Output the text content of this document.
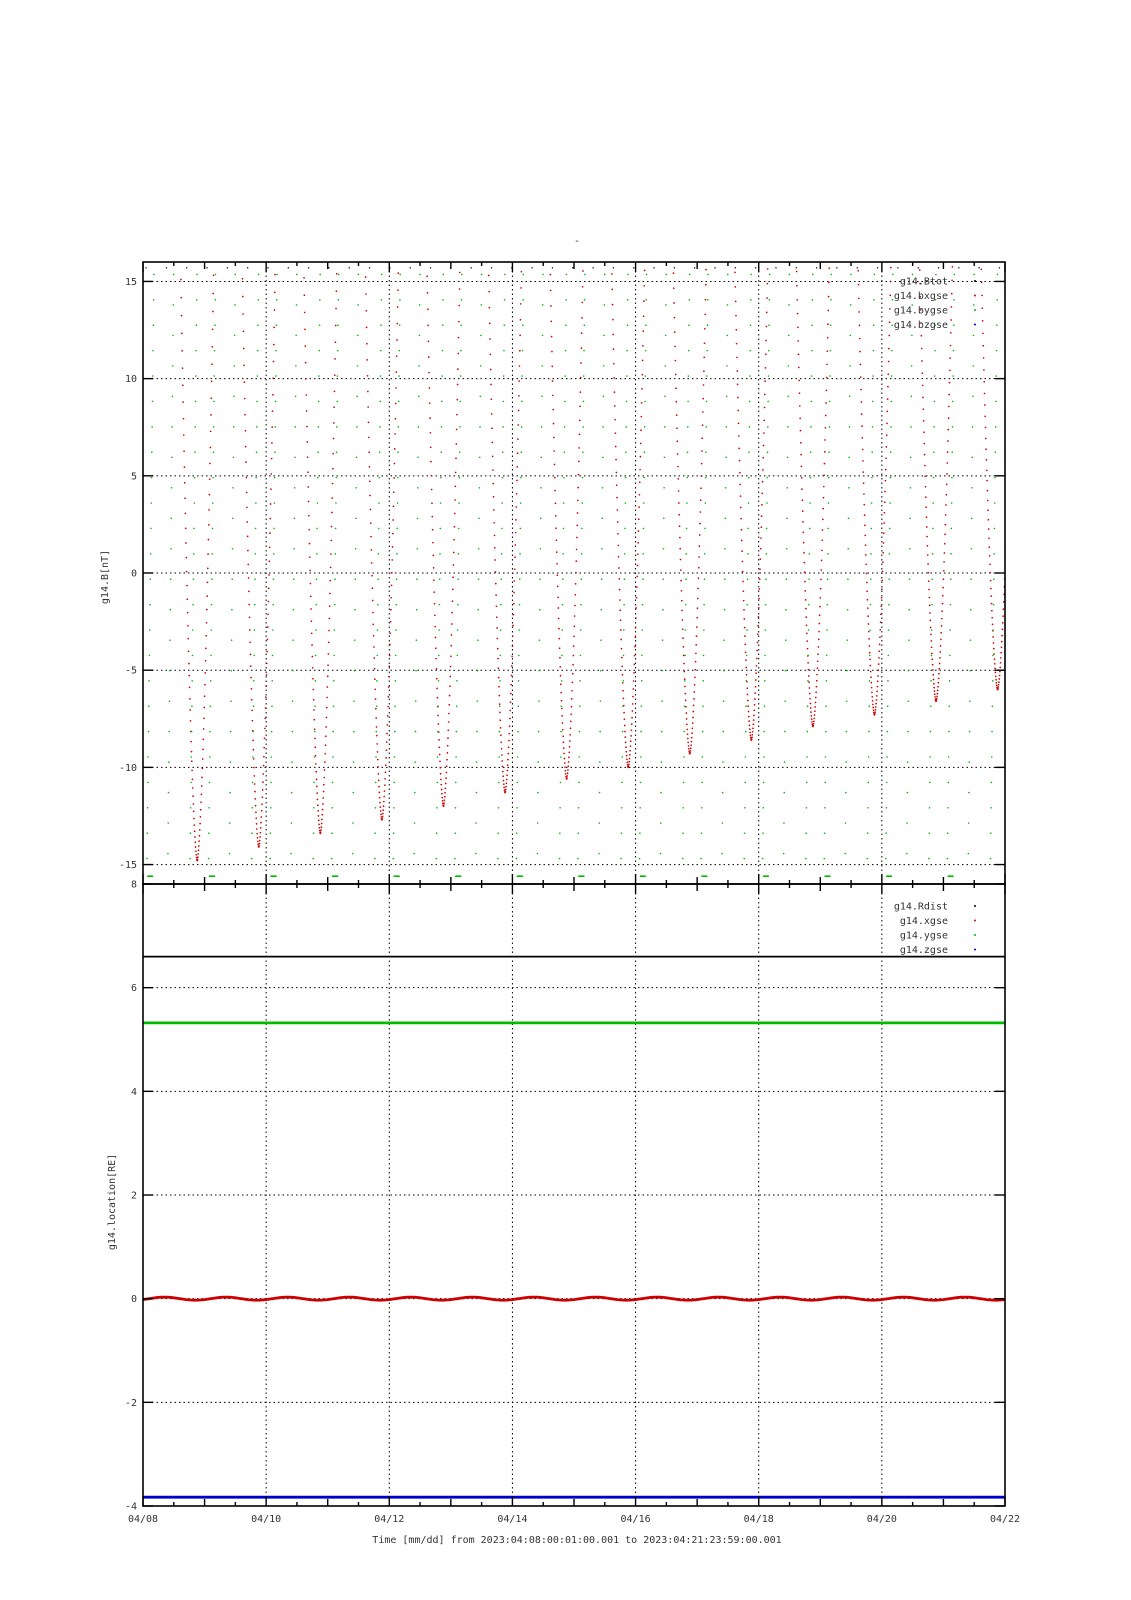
-
-15
-10
-5
0
5
10
15	g14.Btot
g14.bxgse
g14.bygse
g14.bzgse
-4
-2
0
2
4
6
8
g14.Rdist
g14.xgse
g14.ygse
g14.zgse
g14.B[nT]
g14.location[RE]
Time [mm/dd] from 2023:04:08:00:01:00.001 to 2023:04:21:23:59:00.001
04/08	04/10	04/12	04/14	04/16	04/18	04/20	04/22
